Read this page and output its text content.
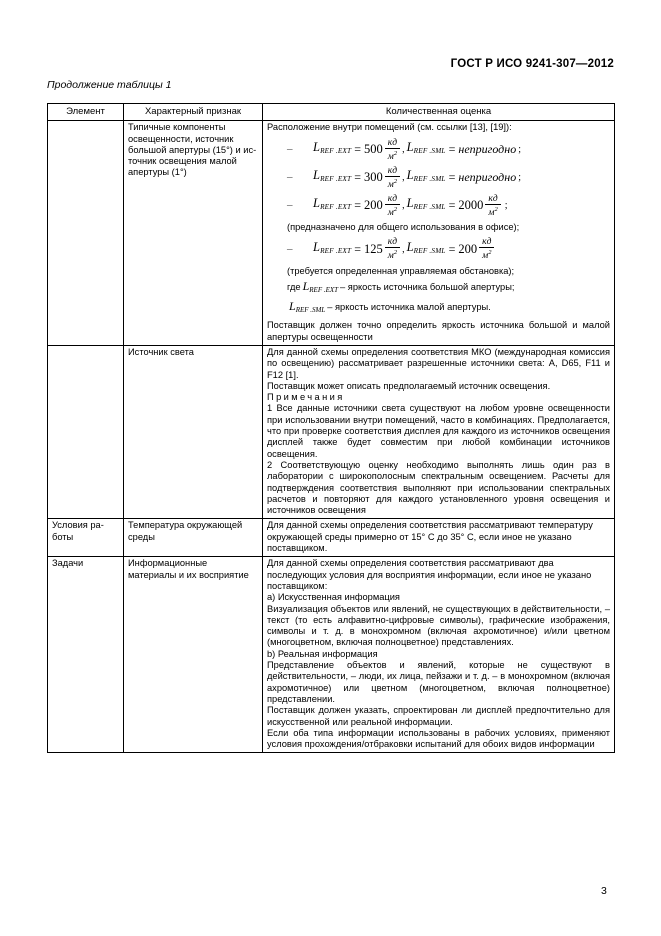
ГОСТ Р ИСО 9241-307—2012
Продолжение таблицы 1
Элемент	Характерный признак	Количественная оценка
	Типичные компоненты освещенности, источник большой апертуры (15°) и источник освещения малой апертуры (1°)	

Расположение внутри помещений (см. ссылки [13], [19]):

–	$L_{REF .EXT} = 500 \frac{кд}{м^2}$ , $L_{REF .SML}$ = непригодно ;
–	$L_{REF .EXT} = 300 \frac{кд}{м^2}$ , $L_{REF .SML}$ = непригодно ;
–	$L_{REF .EXT} = 200 \frac{кд}{м^2}$ , $L_{REF .SML} = 2000 \frac{кд}{м^2}$ ;

(предназначено для общего использования в офисе);

–	$L_{REF .EXT} = 125 \frac{кд}{м^2}$ , $L_{REF .SML} = 200 \frac{кд}{м^2}$

(требуется определенная управляемая обстановка);

где $L_{REF .EXT}$ – яркость источника большой апертуры;

$L_{REF .SML}$ – яркость источника малой апертуры.

Поставщик должен точно определить яркость источника большой и малой апертуры освещенности

	Источник света	Для данной схемы определения соответствия МКО (международная комиссия по освещению) рассматривает разрешенные источники света: A, D65, F11 и F12 [1].

Поставщик может описать предполагаемый источник освещения.

Примечания

1 Все данные источники света существуют на любом уровне освещенности при использовании внутри помещений, часто в комбинациях. Предполагается, что при проверке соответствия дисплея для каждого из источников освещения дисплей также будет совместим при любой комбинации источников освещения.

2 Соответствующую оценку необходимо выполнять лишь один раз в лаборатории с широкополосным спектральным освещением. Расчеты для подтверждения соответствия выполняют при использовании спектральных расчетов и повторяют для каждого установленного уровня освещения и источников освещения

Условия работы	Температура окружающей среды	Для данной схемы определения соответствия рассматривают температуру окружающей среды примерно от 15° С до 35° С, если иное не указано поставщиком.
Задачи	Информационные материалы и их восприятие	

Для данной схемы определения соответствия рассматривают два последующих условия для восприятия информации, если иное не указано поставщиком:

a) Искусственная информация

Визуализация объектов или явлений, не существующих в действительности, – текст (то есть алфавитно-цифровые символы), графические изображения, символы и т. д. в монохромном (включая ахромотичное) и/или цветном (многоцветном, включая полноцветное) представлениях.

b) Реальная информация

Представление объектов и явлений, которые не существуют в действительности, – люди, их лица, пейзажи и т. д. – в монохромном (включая ахромотичное) или цветном (многоцветном, включая полноцветное) представлении.

Поставщик должен указать, спроектирован ли дисплей предпочтительно для искусственной или реальной информации.

Если оба типа информации использованы в рабочих условиях, применяют условия прохождения/отбраковки испытаний для обоих видов информации

3
